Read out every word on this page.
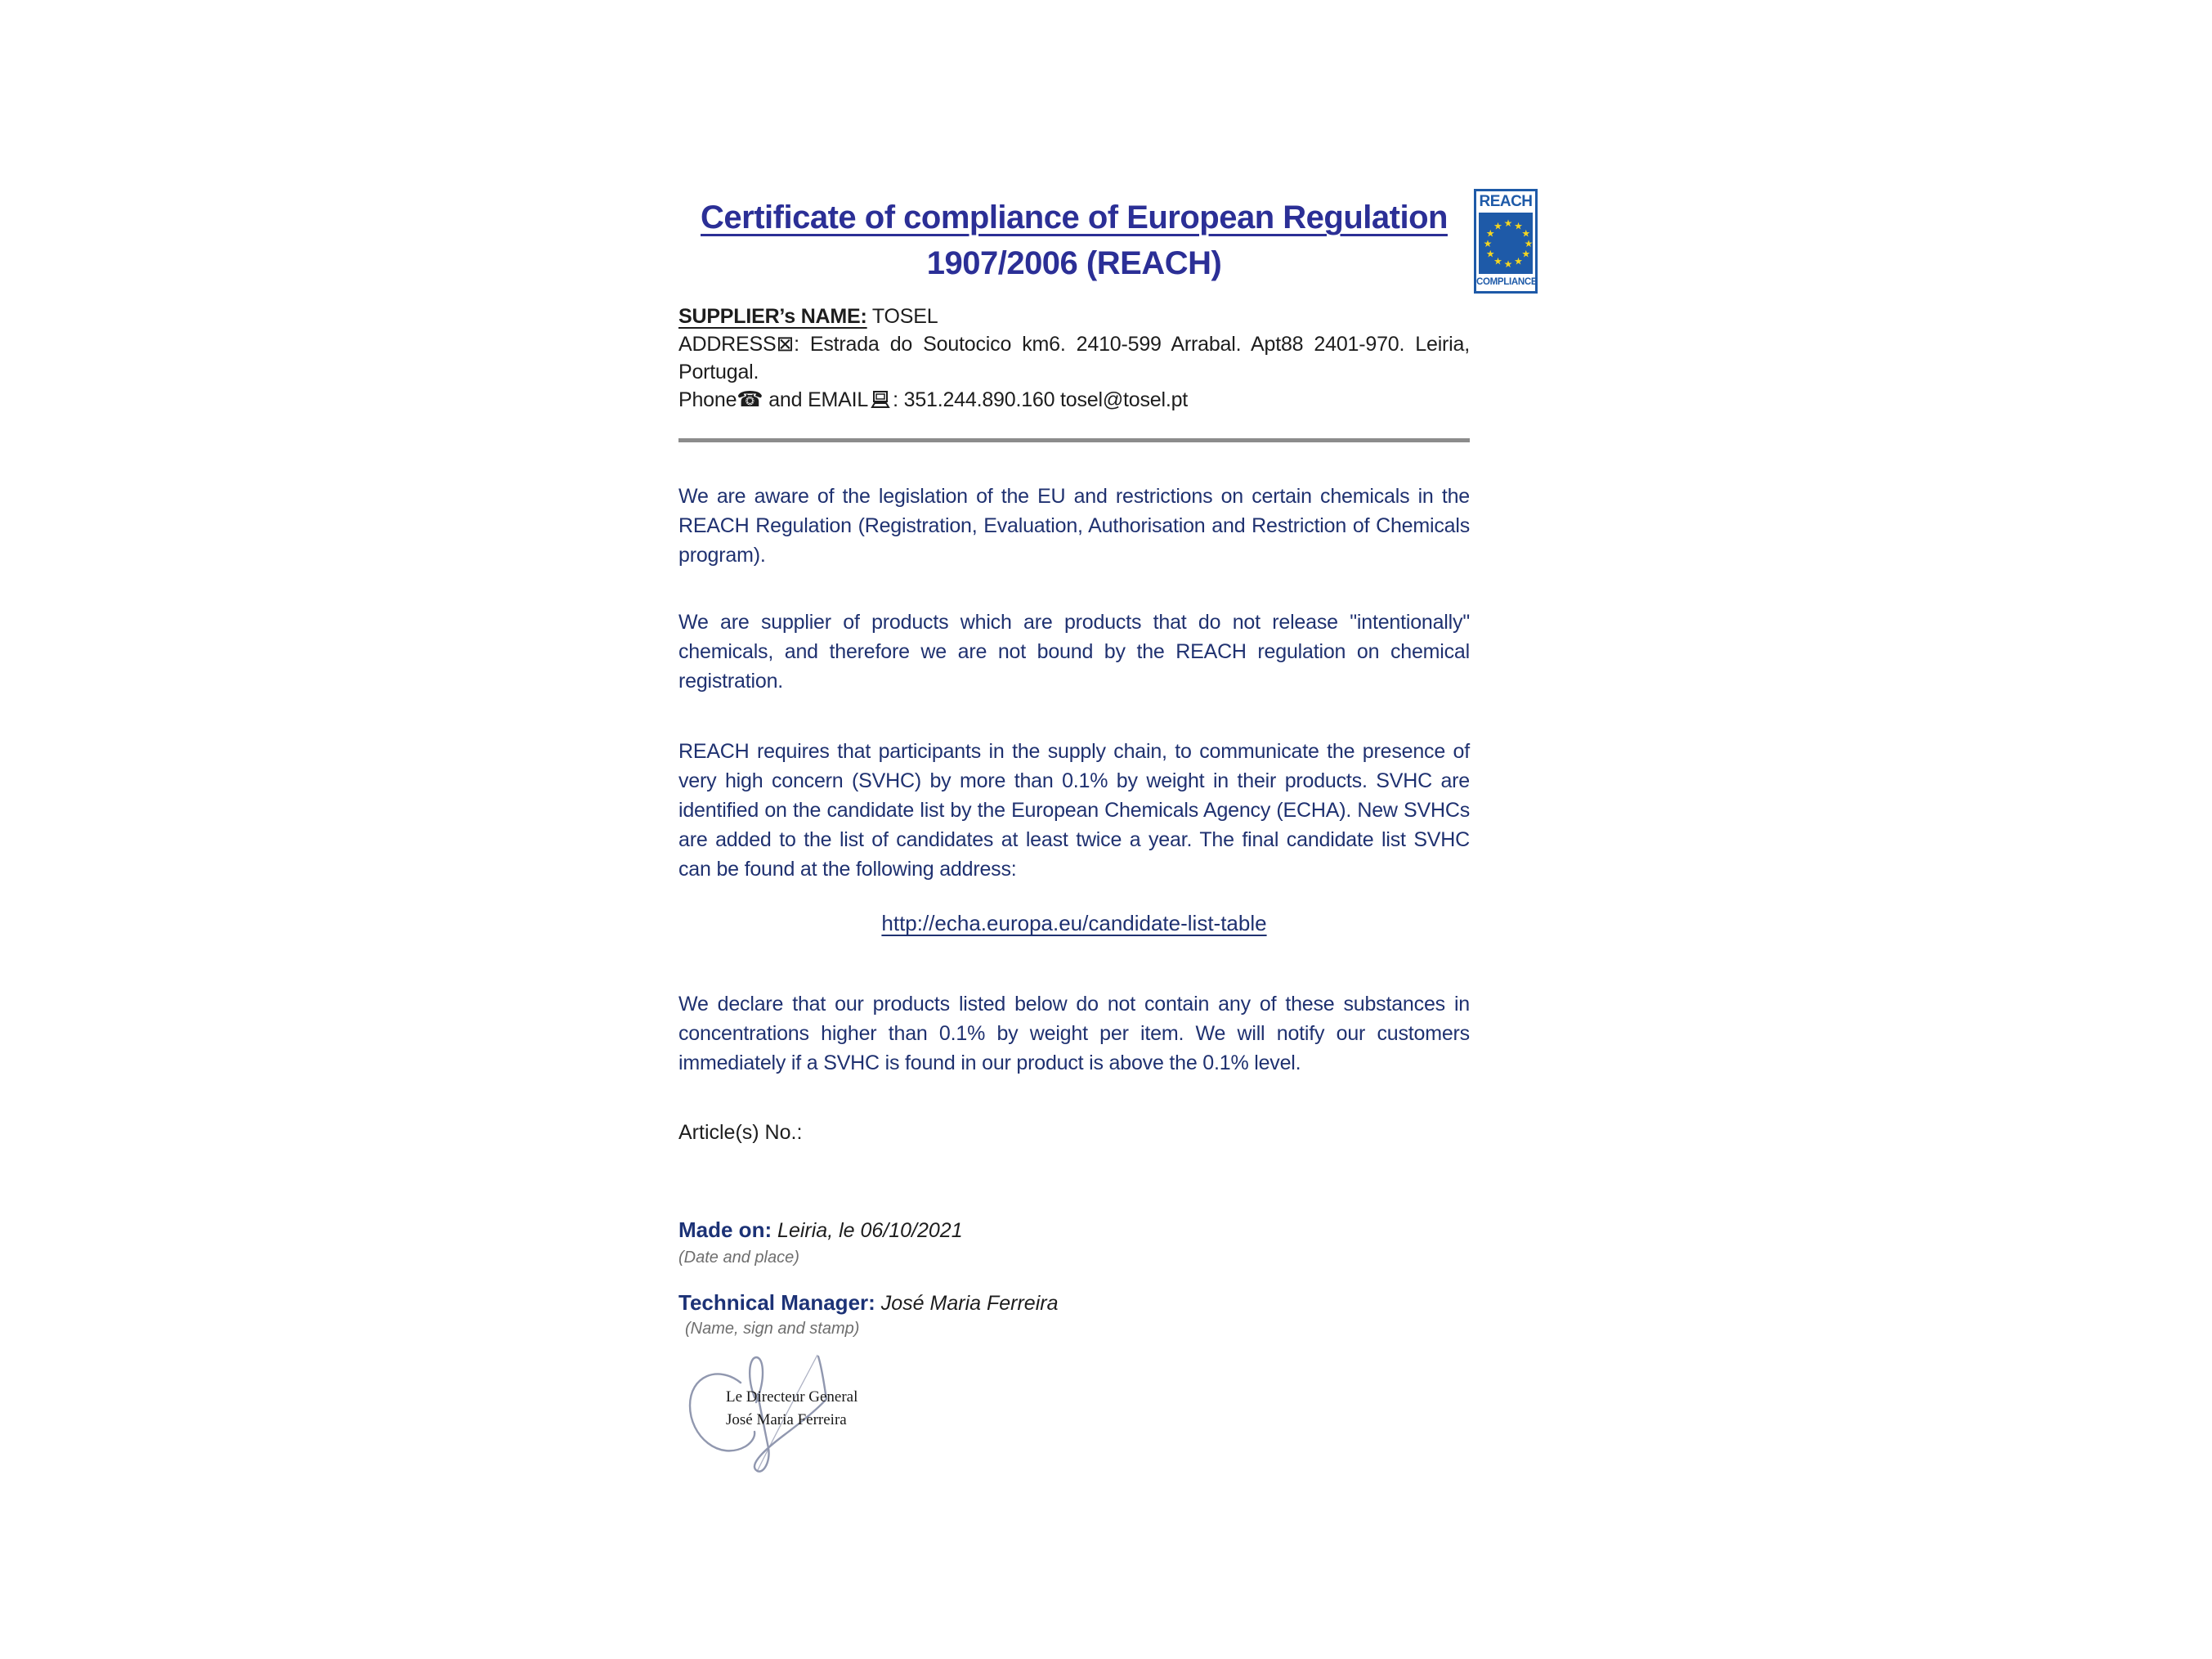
REACH
★ ★
★
★
★
★
★
★
★
★
★
★
COMPLIANCE
Certificate of compliance of European Regulation
1907/2006 (REACH)

SUPPLIER’s NAME: TOSEL

ADDRESS⊠: Estrada do Soutocico km6. 2410-599 Arrabal. Apt88 2401-970. Leiria, Portugal.

Phone☎ and EMAIL : 351.244.890.160 tosel@tosel.pt

We are aware of the legislation of the EU and restrictions on certain chemicals in the REACH Regulation (Registration, Evaluation, Authorisation and Restriction of Chemicals program).

We are supplier of products which are products that do not release "intentionally" chemicals, and therefore we are not bound by the REACH regulation on chemical registration.

REACH requires that participants in the supply chain, to communicate the presence of very high concern (SVHC) by more than 0.1% by weight in their products. SVHC are identified on the candidate list by the European Chemicals Agency (ECHA). New SVHCs are added to the list of candidates at least twice a year. The final candidate list SVHC can be found at the following address:

http://echa.europa.eu/candidate-list-table

We declare that our products listed below do not contain any of these substances in concentrations higher than 0.1% by weight per item. We will notify our customers immediately if a SVHC is found in our product is above the 0.1% level.

Article(s) No.:

Made on: Leiria, le 06/10/2021

(Date and place)

Technical Manager: José Maria Ferreira

(Name, sign and stamp)

Le Directeur General
José Maria Ferreira
